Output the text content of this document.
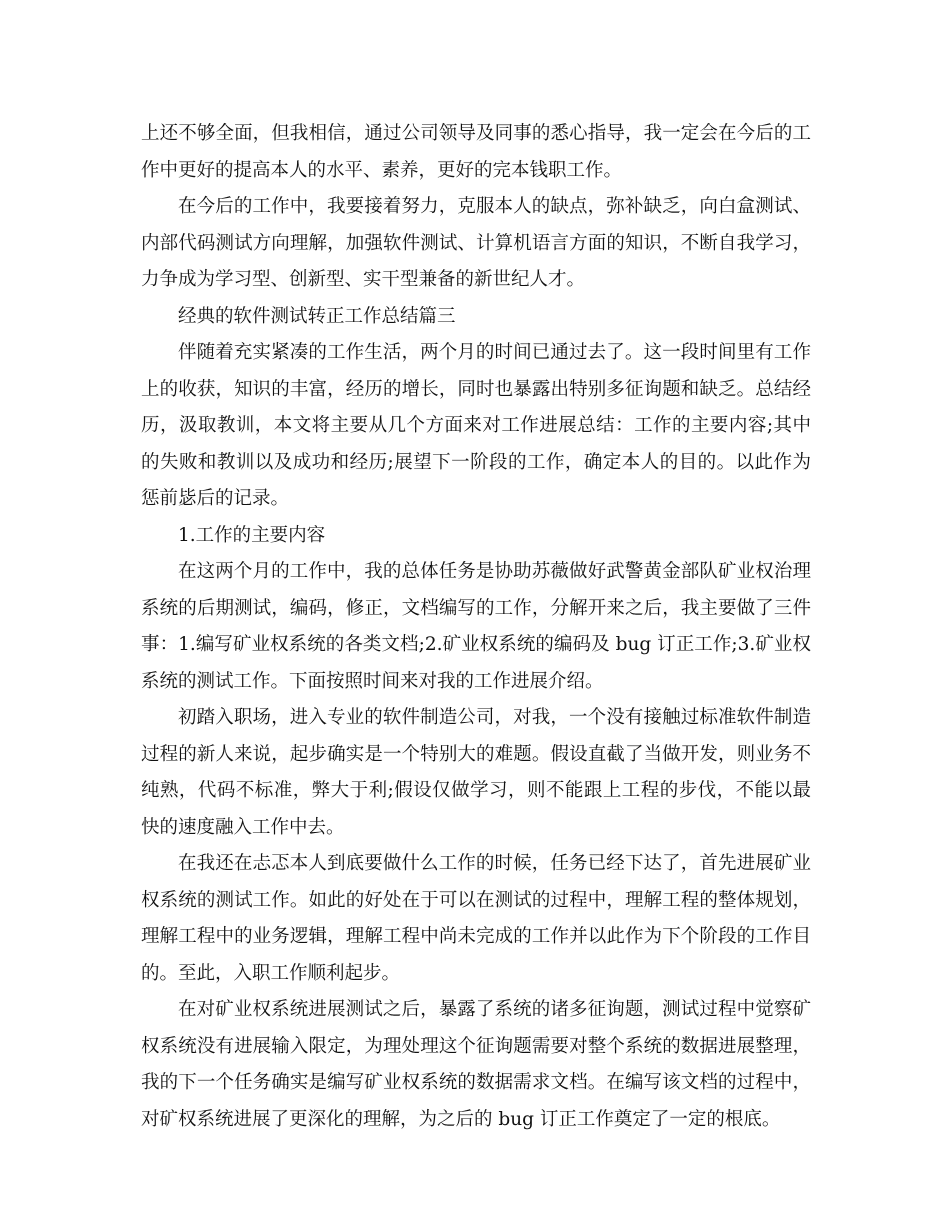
上还不够全面，但我相信，通过公司领导及同事的悉心指导，我一定会在今后的工
作中更好的提高本人的水平、素养，更好的完本钱职工作。
在今后的工作中，我要接着努力，克服本人的缺点，弥补缺乏，向白盒测试、
内部代码测试方向理解，加强软件测试、计算机语言方面的知识，不断自我学习，
力争成为学习型、创新型、实干型兼备的新世纪人才。
经典的软件测试转正工作总结篇三
伴随着充实紧凑的工作生活，两个月的时间已通过去了。这一段时间里有工作
上的收获，知识的丰富，经历的增长，同时也暴露出特别多征询题和缺乏。总结经
历，汲取教训，本文将主要从几个方面来对工作进展总结：工作的主要内容;其中
的失败和教训以及成功和经历;展望下一阶段的工作，确定本人的目的。以此作为
惩前毖后的记录。
1.工作的主要内容
在这两个月的工作中，我的总体任务是协助苏薇做好武警黄金部队矿业权治理
系统的后期测试，编码，修正，文档编写的工作，分解开来之后，我主要做了三件
事：1.编写矿业权系统的各类文档;2.矿业权系统的编码及 bug 订正工作;3.矿业权
系统的测试工作。下面按照时间来对我的工作进展介绍。
初踏入职场，进入专业的软件制造公司，对我，一个没有接触过标准软件制造
过程的新人来说，起步确实是一个特别大的难题。假设直截了当做开发，则业务不
纯熟，代码不标准，弊大于利;假设仅做学习，则不能跟上工程的步伐，不能以最
快的速度融入工作中去。
在我还在忐忑本人到底要做什么工作的时候，任务已经下达了，首先进展矿业
权系统的测试工作。如此的好处在于可以在测试的过程中，理解工程的整体规划，
理解工程中的业务逻辑，理解工程中尚未完成的工作并以此作为下个阶段的工作目
的。至此，入职工作顺利起步。
在对矿业权系统进展测试之后，暴露了系统的诸多征询题，测试过程中觉察矿
权系统没有进展输入限定，为理处理这个征询题需要对整个系统的数据进展整理，
我的下一个任务确实是编写矿业权系统的数据需求文档。在编写该文档的过程中，
对矿权系统进展了更深化的理解，为之后的 bug 订正工作奠定了一定的根底。
